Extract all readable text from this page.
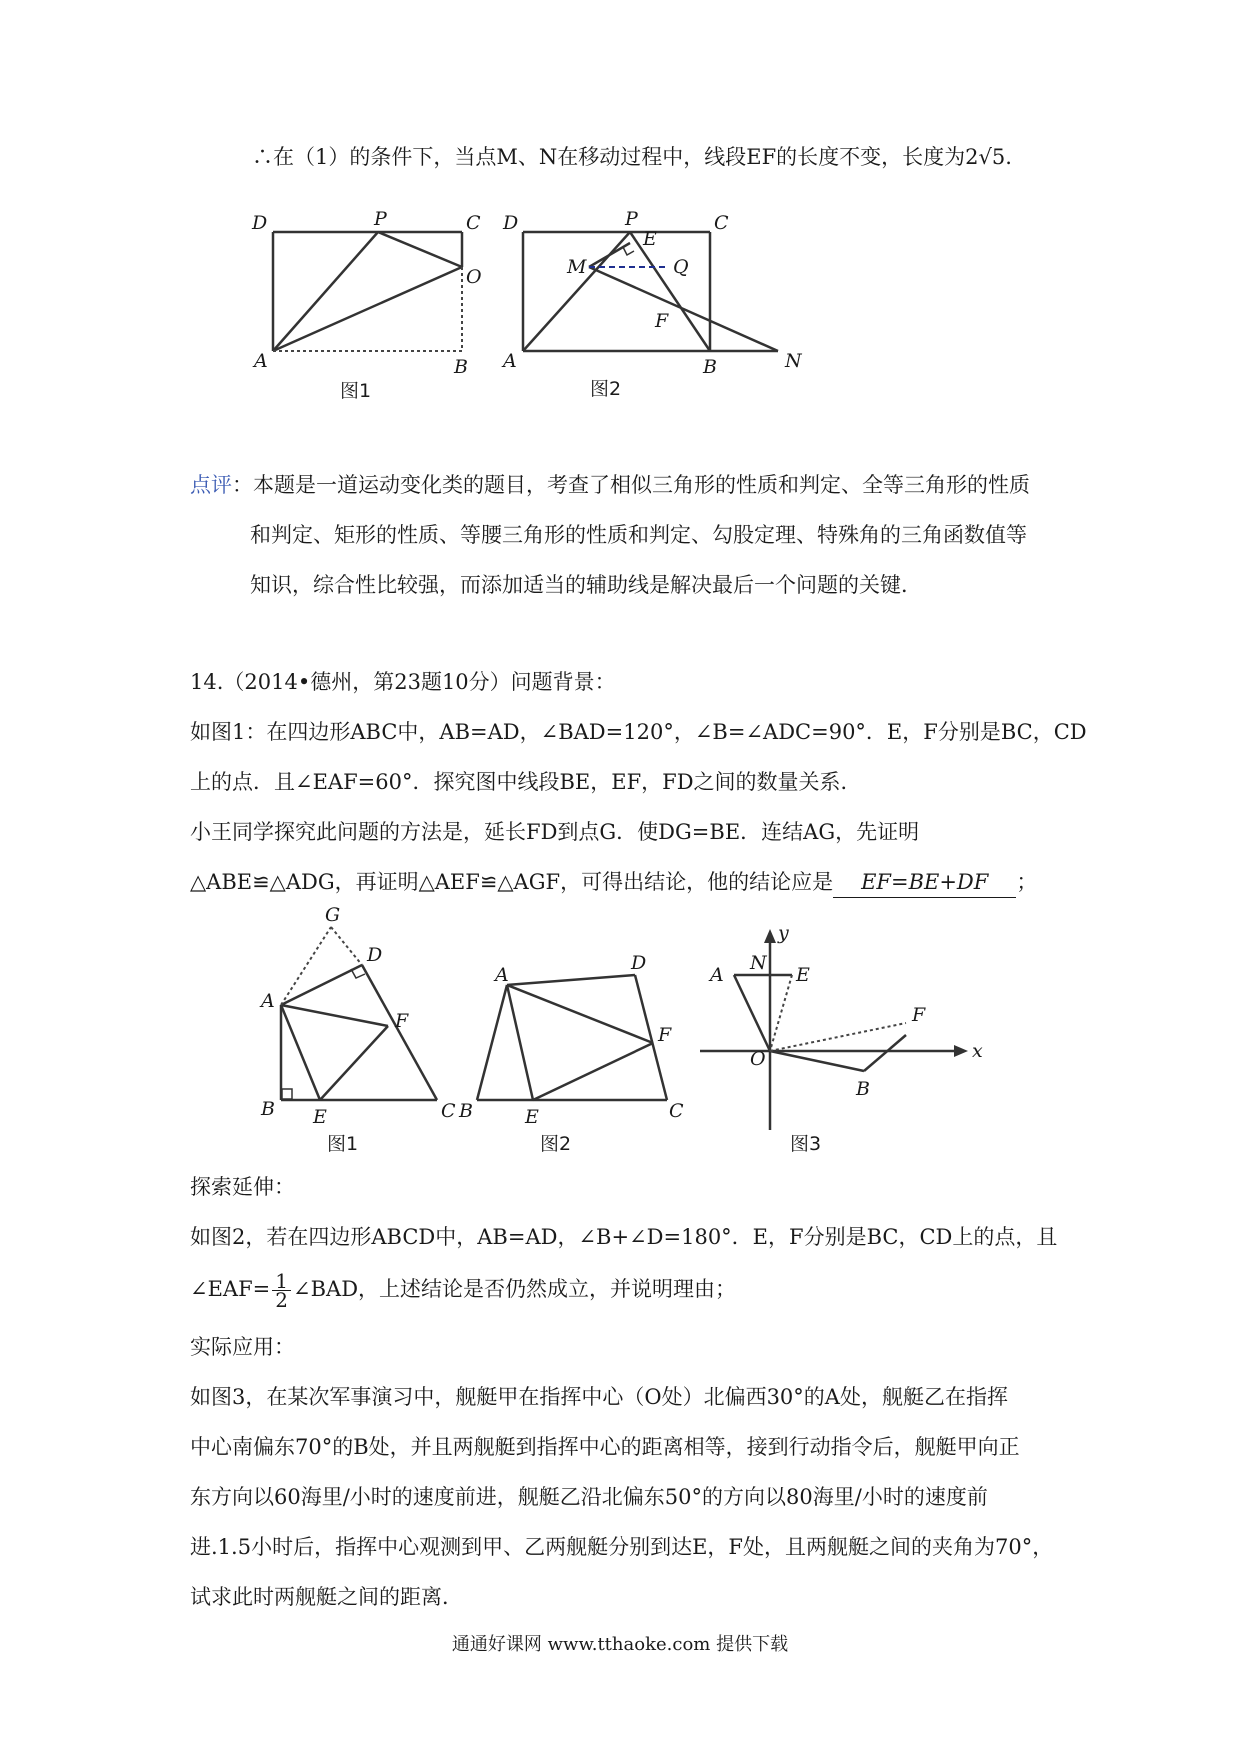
∴在（1）的条件下，当点M、N在移动过程中，线段EF的长度不变，长度为2√5.
D	P	C
O
A	B
图1
D	P	C
E
M	Q
F
A	B	N
图2
点评：本题是一道运动变化类的题目，考查了相似三角形的性质和判定、全等三角形的性质
和判定、矩形的性质、等腰三角形的性质和判定、勾股定理、特殊角的三角函数值等
知识，综合性比较强，而添加适当的辅助线是解决最后一个问题的关键．
14.（2014•德州，第23题10分）问题背景：
如图1：在四边形ABC中，AB=AD，∠BAD=120°，∠B=∠ADC=90°．E，F分别是BC，CD
上的点．且∠EAF=60°．探究图中线段BE，EF，FD之间的数量关系．
小王同学探究此问题的方法是，延长FD到点G．使DG=BE．连结AG，先证明
△ABE≌△ADG，再证明△AEF≌△AGF，可得出结论，他的结论应是 EF=BE+DF ；
G
D
A
F
B E	C
图1
A
D
F
B	E	C
图2
y
N
A	E
F
O	x
B
图3
探索延伸：
如图2，若在四边形ABCD中，AB=AD，∠B+∠D=180°．E，F分别是BC，CD上的点，且
∠EAF= $\frac{1}{2}$ ∠BAD，上述结论是否仍然成立，并说明理由；
实际应用：
如图3，在某次军事演习中，舰艇甲在指挥中心（O处）北偏西30°的A处，舰艇乙在指挥
中心南偏东70°的B处，并且两舰艇到指挥中心的距离相等，接到行动指令后，舰艇甲向正
东方向以60海里/小时的速度前进，舰艇乙沿北偏东50°的方向以80海里/小时的速度前
进.1.5小时后，指挥中心观测到甲、乙两舰艇分别到达E，F处，且两舰艇之间的夹角为70°，
试求此时两舰艇之间的距离．
通通好课网 www.tthaoke.com 提供下载
